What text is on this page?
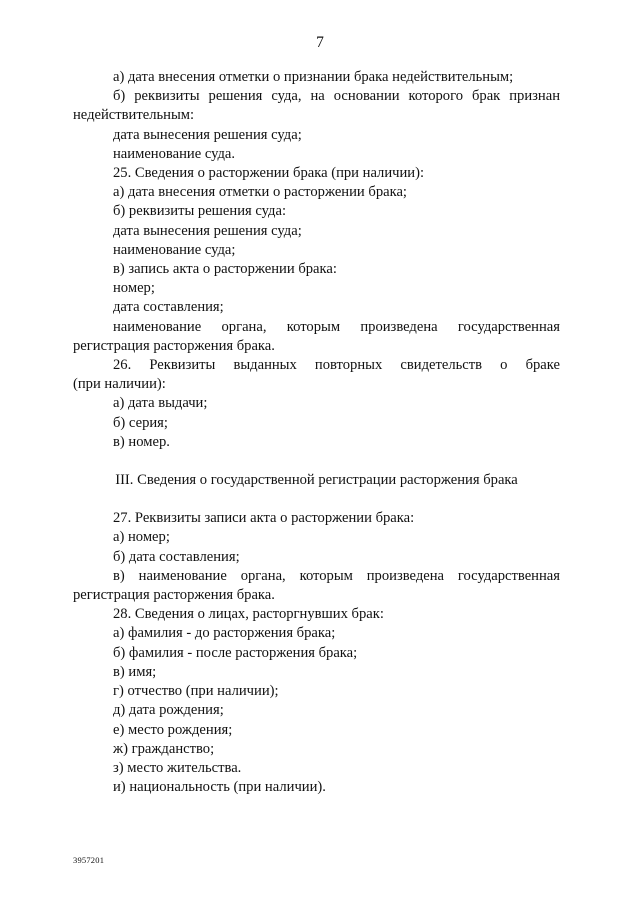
7

а) дата внесения отметки о признании брака недействительным;

б) реквизиты решения суда, на основании которого брак признан

недействительным:

дата вынесения решения суда;

наименование суда.

25. Сведения о расторжении брака (при наличии):

а) дата внесения отметки о расторжении брака;

б) реквизиты решения суда:

дата вынесения решения суда;

наименование суда;

в) запись акта о расторжении брака:

номер;

дата составления;

наименование органа, которым произведена государственная

регистрация расторжения брака.

26. Реквизиты выданных повторных свидетельств о браке

(при наличии):

а) дата выдачи;

б) серия;

в) номер.

III. Сведения о государственной регистрации расторжения брака

27. Реквизиты записи акта о расторжении брака:

а) номер;

б) дата составления;

в) наименование органа, которым произведена государственная

регистрация расторжения брака.

28. Сведения о лицах, расторгнувших брак:

а) фамилия - до расторжения брака;

б) фамилия - после расторжения брака;

в) имя;

г) отчество (при наличии);

д) дата рождения;

е) место рождения;

ж) гражданство;

з) место жительства.

и) национальность (при наличии).

3957201
